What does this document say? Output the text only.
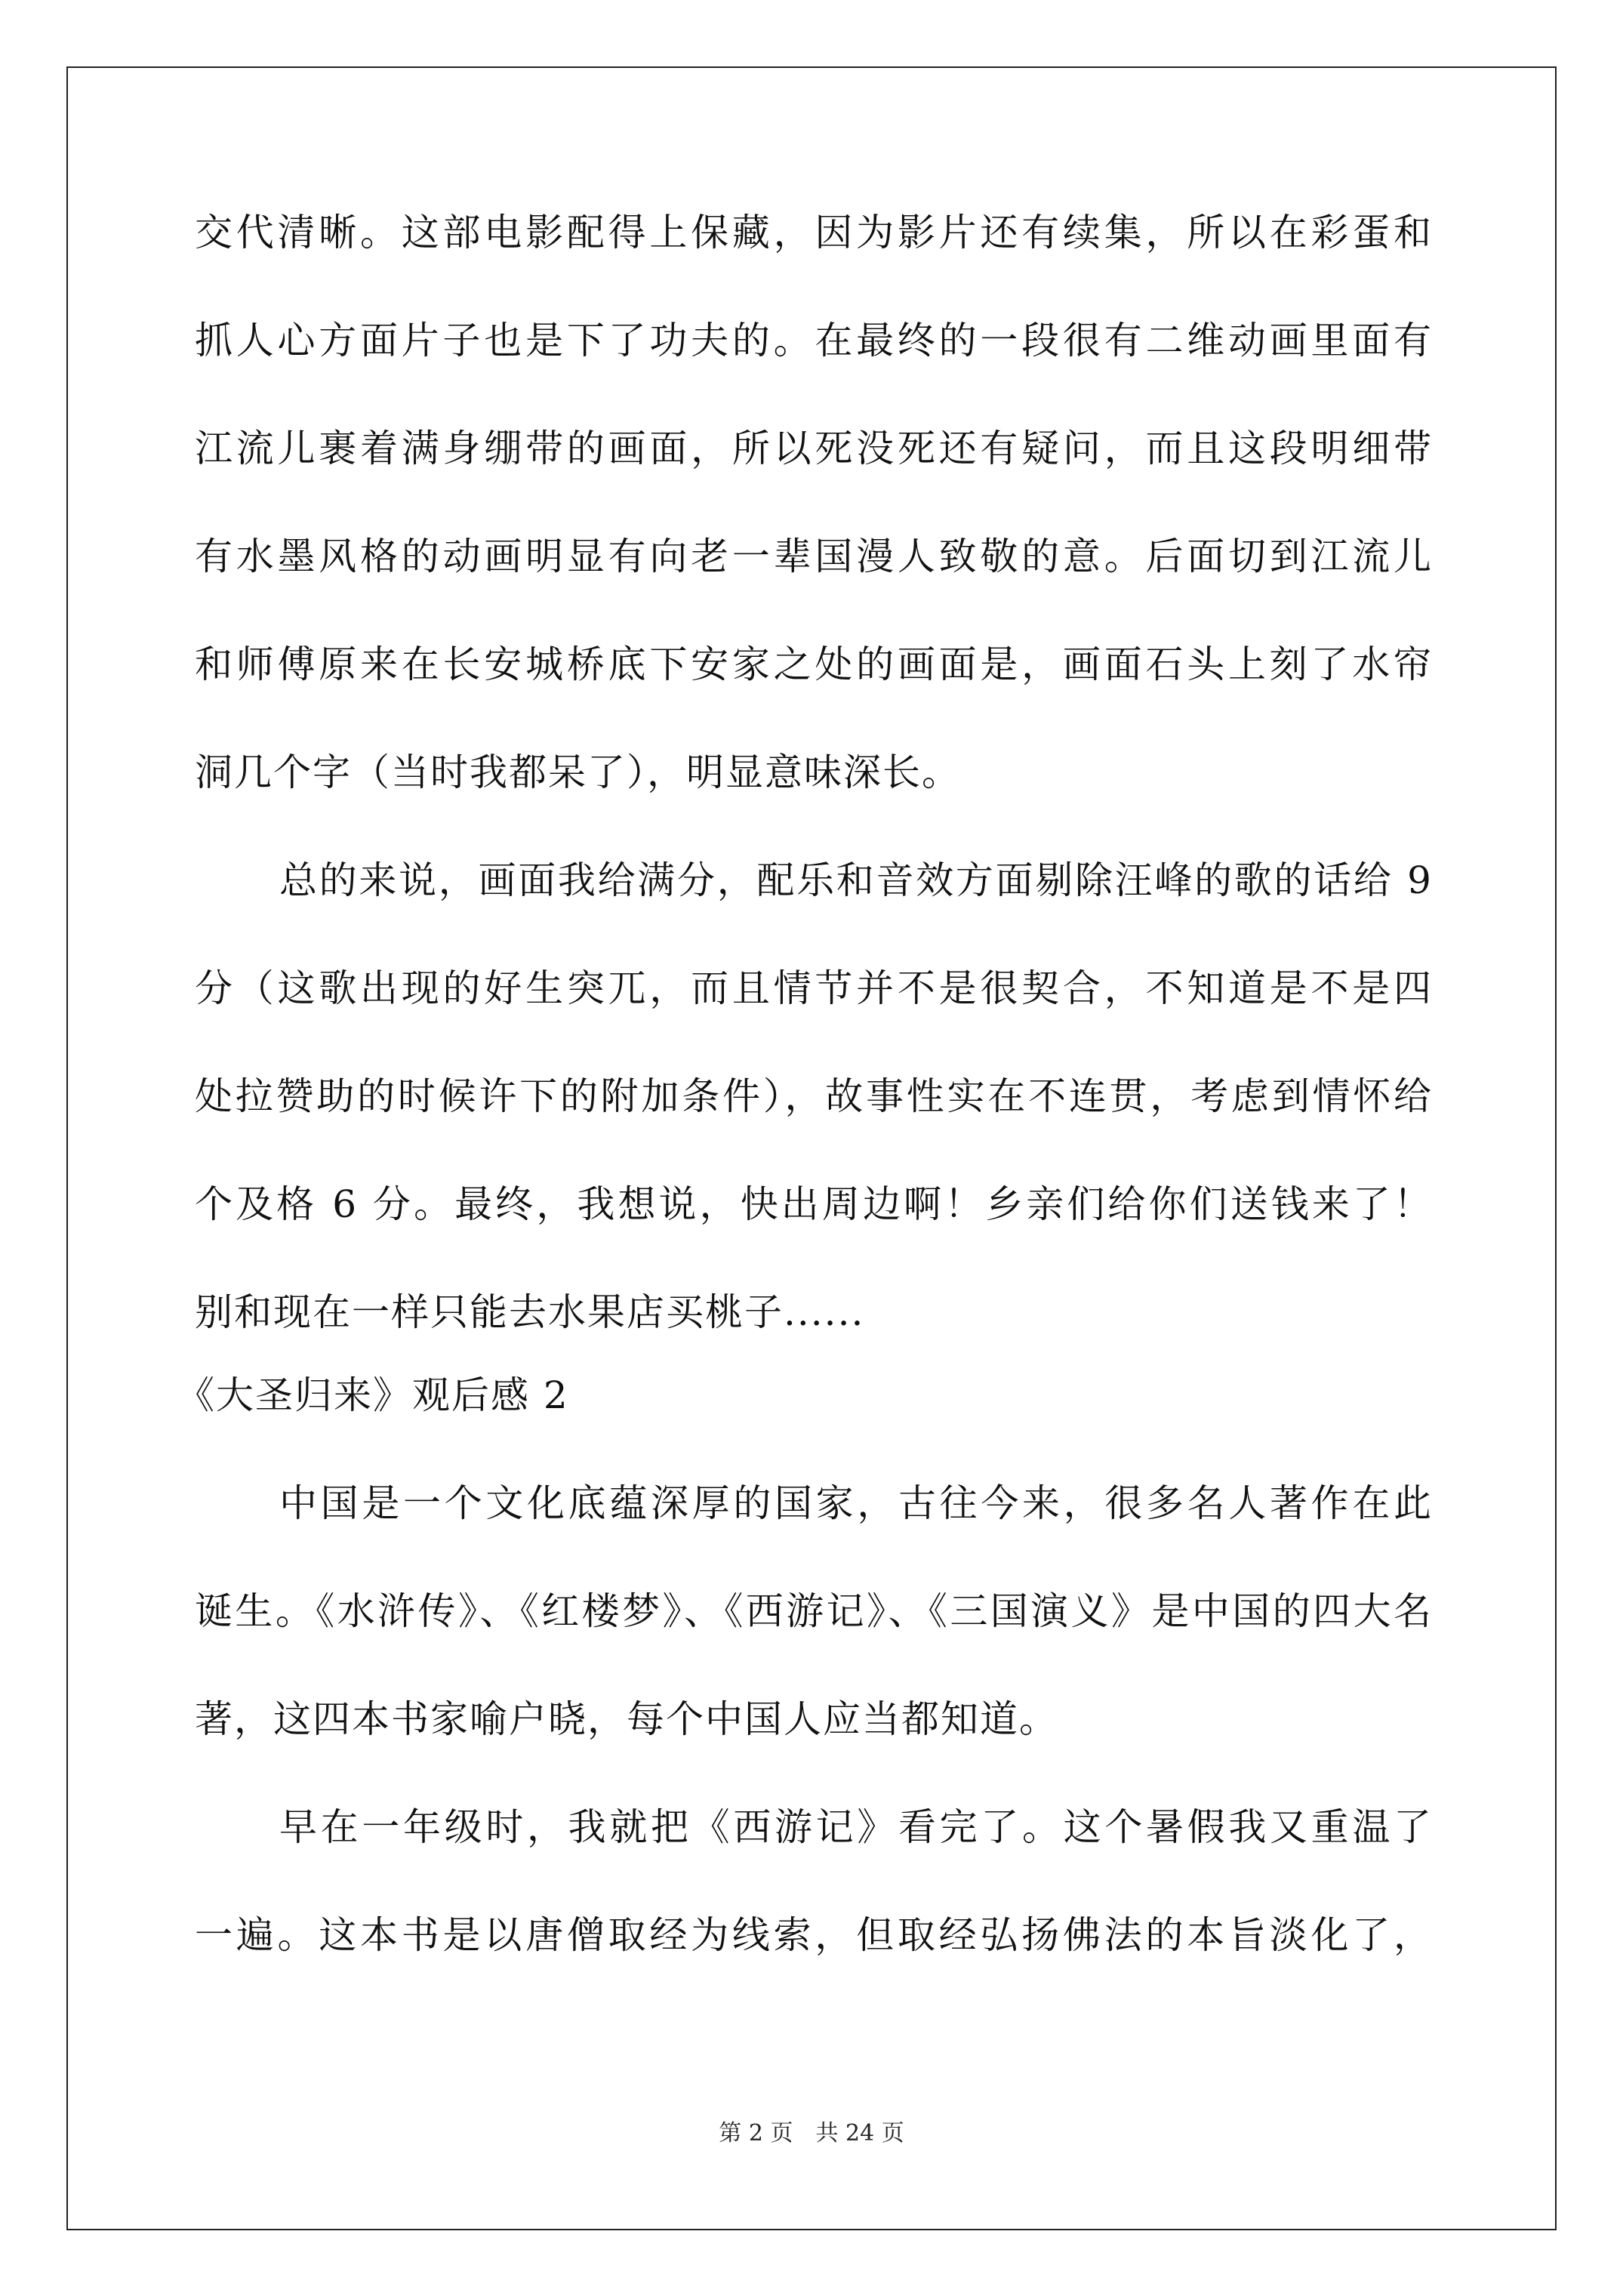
交代清晰。这部电影配得上保藏，因为影片还有续集，所以在彩蛋和

抓人心方面片子也是下了功夫的。在最终的一段很有二维动画里面有

江流儿裹着满身绷带的画面，所以死没死还有疑问，而且这段明细带

有水墨风格的动画明显有向老一辈国漫人致敬的意。后面切到江流儿

和师傅原来在长安城桥底下安家之处的画面是，画面石头上刻了水帘

洞几个字（当时我都呆了），明显意味深长。

总的来说，画面我给满分，配乐和音效方面剔除汪峰的歌的话给 9

分（这歌出现的好生突兀，而且情节并不是很契合，不知道是不是四

处拉赞助的时候许下的附加条件），故事性实在不连贯，考虑到情怀给

个及格 6 分。最终，我想说，快出周边啊！乡亲们给你们送钱来了！

别和现在一样只能去水果店买桃子......

《大圣归来》观后感 2

中国是一个文化底蕴深厚的国家，古往今来，很多名人著作在此

诞生。《水浒传》、《红楼梦》、《西游记》、《三国演义》是中国的四大名

著，这四本书家喻户晓，每个中国人应当都知道。

早在一年级时，我就把《西游记》看完了。这个暑假我又重温了

一遍。这本书是以唐僧取经为线索，但取经弘扬佛法的本旨淡化了，

第 2 页　共 24 页
